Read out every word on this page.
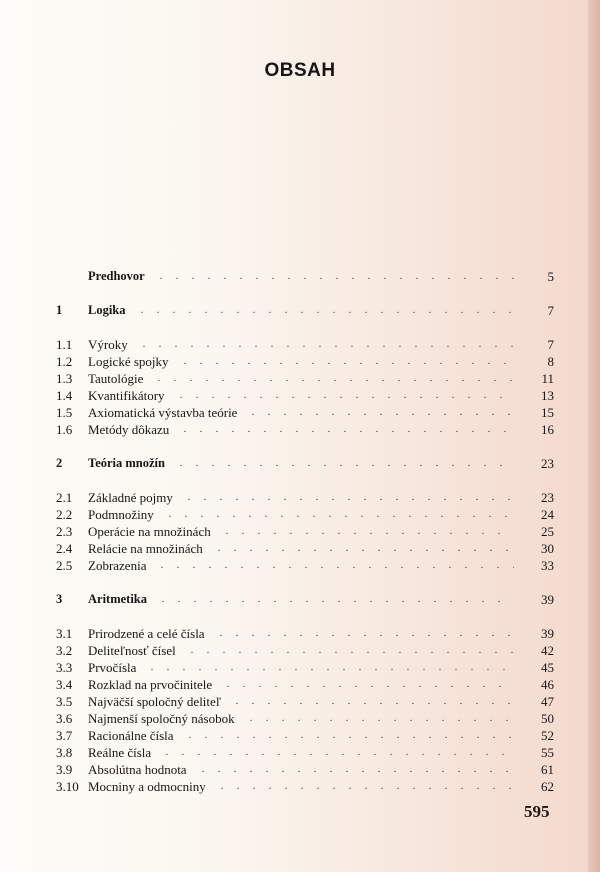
OBSAH
. . . . . . . . . . . . . . . . . . . . . .
Predhovor	5
. . . . . . . . . . . . . . . . . . . . . . . .
1 Logika	7
. . . . . . . . . . . . . . . . . . . . . . . .
1.1 Výroky	7
. . . . . . . . . . . . . . . . . . . . .
1.2 Logické spojky	8
. . . . . . . . . . . . . . . . . . . . . . .
1.3 Tautológie	11
. . . . . . . . . . . . . . . . . . . . .
1.4 Kvantifikátory	13
. . . . . . . . . . . . . . . . .
1.5 Axiomatická výstavba teórie	15
. . . . . . . . . . . . . . . . . . . . .
1.6 Metódy dôkazu	16
. . . . . . . . . . . . . . . . . . . . .
2 Teória množín	23
. . . . . . . . . . . . . . . . . . . . .
2.1 Základné pojmy	23
. . . . . . . . . . . . . . . . . . . . . .
2.2 Podmnožiny	24
. . . . . . . . . . . . . . . . . .
2.3 Operácie na množinách	25
. . . . . . . . . . . . . . . . . . .
2.4 Relácie na množinách	30
. . . . . . . . . . . . . . . . . . . . . .
2.5 Zobrazenia	33
. . . . . . . . . . . . . . . . . . . . . .
3 Aritmetika	39
. . . . . . . . . . . . . . . . . . .
3.1 Prirodzené a celé čísla	39
. . . . . . . . . . . . . . . . . . . . .
3.2 Deliteľnosť čísel	42
. . . . . . . . . . . . . . . . . . . . . . .
3.3 Prvočísla	45
. . . . . . . . . . . . . . . . . .
3.4 Rozklad na prvočinitele	46
. . . . . . . . . . . . . . . . . .
3.5 Najväčší spoločný deliteľ	47
. . . . . . . . . . . . . . . . .
3.6 Najmenší spoločný násobok	50
. . . . . . . . . . . . . . . . . . . . .
3.7 Racionálne čísla	52
. . . . . . . . . . . . . . . . . . . . . .
3.8 Reálne čísla	55
. . . . . . . . . . . . . . . . . . . .
3.9 Absolútna hodnota	61
. . . . . . . . . . . . . . . . . . .
3.10 Mocniny a odmocniny	62
595
